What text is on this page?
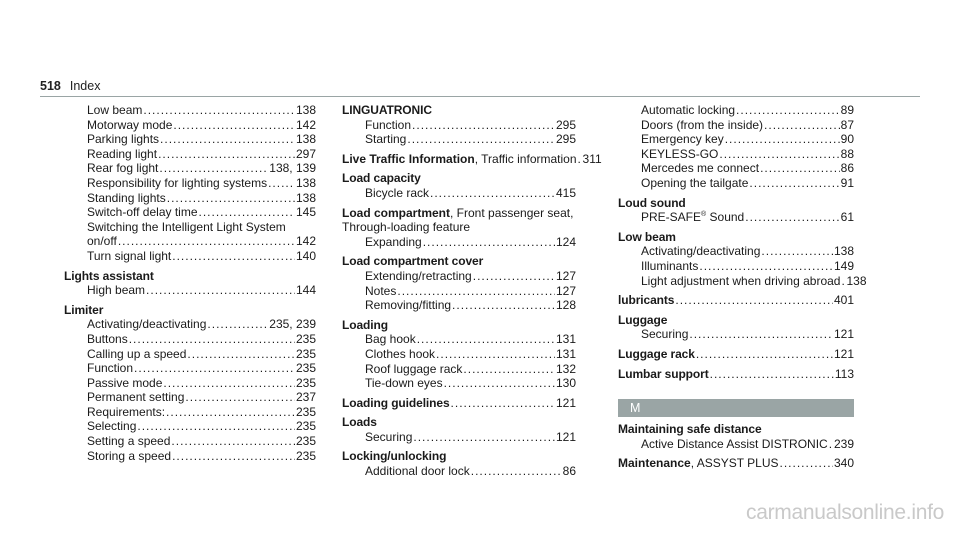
518 Index
Low beam .....	138
Motorway mode .....	142
Parking lights .....	138
Reading light .....	297
Rear fog light .....	138, 139
Responsibility for lighting systems ..... 138
Standing lights .....	138
Switch-off delay time .....	145
Switching the Intelligent Light System
on/off .....	142
Turn signal light .....	140
Lights assistant
High beam .....	144
Limiter
Activating/deactivating .....	235, 239
Buttons .....	235
Calling up a speed .....	235
Function .....	235
Passive mode .....	235
Permanent setting .....	237
Requirements: .....	235
Selecting .....	235
Setting a speed .....	235
Storing a speed .....	235
LINGUATRONIC
Function .....	295
Starting .....	295
Live Traffic Information, Traffic information ..... 311
Load capacity
Bicycle rack .....	415
Load compartment, Front passenger seat,
Through-loading feature
Expanding .....	124
Load compartment cover
Extending/retracting .....	127
Notes .....	127
Removing/fitting .....	128
Loading
Bag hook .....	131
Clothes hook .....	131
Roof luggage rack .....	132
Tie-down eyes .....	130
Loading guidelines .....	121
Loads
Securing .....	121
Locking/unlocking
Additional door lock .....	86
Automatic locking .....	89
Doors (from the inside) .....	87
Emergency key .....	90
KEYLESS-GO .....	88
Mercedes me connect .....	86
Opening the tailgate .....	91
Loud sound
PRE-SAFE® Sound .....	61
Low beam
Activating/deactivating .....	138
Illuminants .....	149
Light adjustment when driving abroad ..... 138
lubricants .....	401
Luggage
Securing .....	121
Luggage rack .....	121
Lumbar support .....	113
M
Maintaining safe distance
Active Distance Assist DISTRONIC ..... 239
Maintenance, ASSYST PLUS .....	340
carmanualsonline.info
